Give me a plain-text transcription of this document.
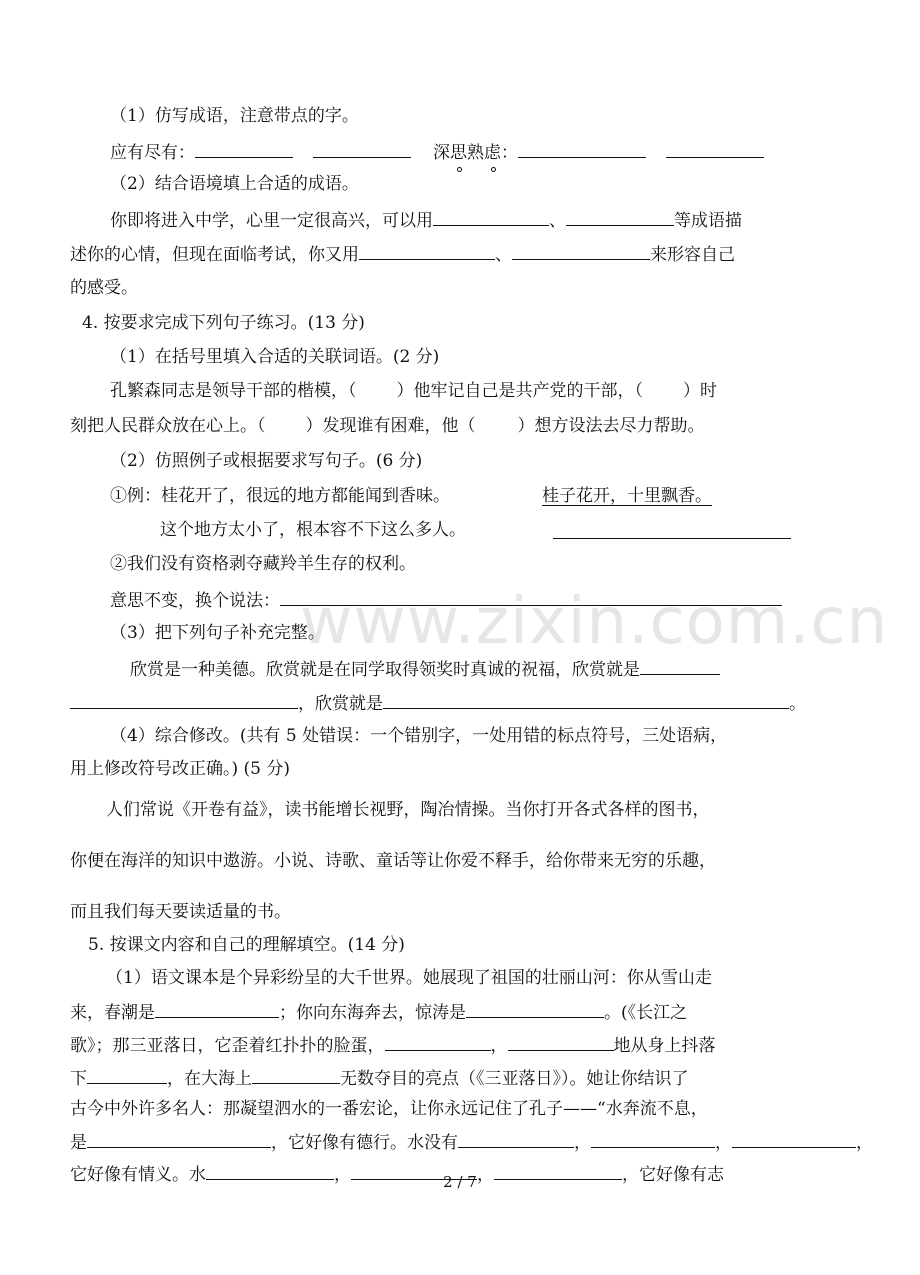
www.zixin.com.cn
（1）仿写成语，注意带点的字。
应有尽有：	深思熟虑：
（2）结合语境填上合适的成语。
你即将进入中学，心里一定很高兴，可以用	、	等成语描
述你的心情，但现在面临考试，你又用	、	来形容自己
的感受。
4. 按要求完成下列句子练习。(13 分)
（1）在括号里填入合适的关联词语。(2 分)
孔繁森同志是领导干部的楷模，（ ）他牢记自己是共产党的干部，（ ）时
刻把人民群众放在心上。（ ）发现谁有困难，他（ ）想方设法去尽力帮助。
（2）仿照例子或根据要求写句子。(6 分)
①例：桂花开了，很远的地方都能闻到香味。	桂子花开，十里飘香。
这个地方太小了，根本容不下这么多人。
②我们没有资格剥夺藏羚羊生存的权利。
意思不变，换个说法：
（3）把下列句子补充完整。
欣赏是一种美德。欣赏就是在同学取得领奖时真诚的祝福，欣赏就是
，欣赏就是	。
（4）综合修改。(共有 5 处错误：一个错别字，一处用错的标点符号，三处语病，
用上修改符号改正确。) (5 分)
人们常说《开卷有益》，读书能增长视野，陶冶情操。当你打开各式各样的图书，
你便在海洋的知识中遨游。小说、诗歌、童话等让你爱不释手，给你带来无穷的乐趣，
而且我们每天要读适量的书。
5. 按课文内容和自己的理解填空。(14 分)
（1）语文课本是个异彩纷呈的大千世界。她展现了祖国的壮丽山河：你从雪山走
来，春潮是	；你向东海奔去，惊涛是	。(《长江之
歌》；那三亚落日，它歪着红扑扑的脸蛋，	，	地从身上抖落
下	，在大海上	无数夺目的亮点（《三亚落日》）。她让你结识了
古今中外许多名人：那凝望泗水的一番宏论，让你永远记住了孔子——“水奔流不息，
是	，它好像有德行。水没有	，	，	，
它好像有情义。水	，	，	，它好像有志
2 / 7
